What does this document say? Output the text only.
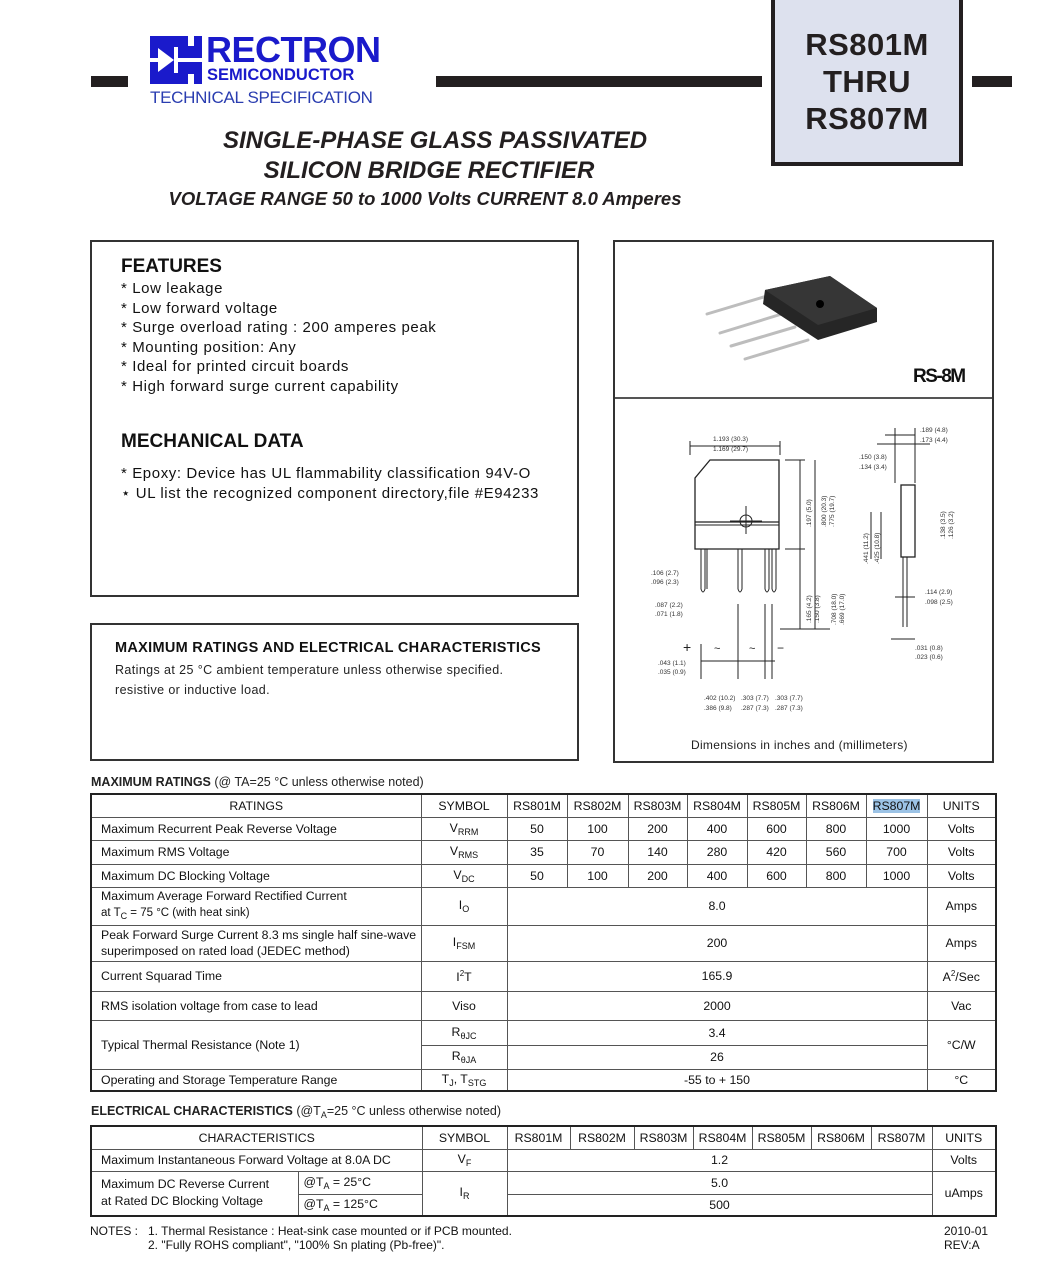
RECTRON
SEMICONDUCTOR
TECHNICAL SPECIFICATION
RS801M
THRU
RS807M
SINGLE-PHASE GLASS PASSIVATED
SILICON BRIDGE RECTIFIER
VOLTAGE RANGE 50 to 1000 Volts CURRENT 8.0 Amperes
FEATURES
* Low leakage
* Low forward voltage
* Surge overload rating : 200 amperes peak
* Mounting position: Any
* Ideal for printed circuit boards
* High forward surge current capability
MECHANICAL DATA
* Epoxy: Device has UL flammability classification 94V-O
⋆ UL list the recognized component directory,file #E94233
MAXIMUM RATINGS AND ELECTRICAL CHARACTERISTICS
Ratings at 25 °C ambient temperature unless otherwise specified.
resistive or inductive load.
RS-8M
1.193 (30.3)
1.169 (29.7)
.197 (5.0) .800 (20.3) .775 (19.7)
.106 (2.7)
.096 (2.3)
.087 (2.2)
.071 (1.8)
.043 (1.1)
.035 (0.9)
.165 (4.2) .150 (3.8) .708 (18.0) .669 (17.0)
.402 (10.2)
.386 (9.8)
.303 (7.7)
.287 (7.3)
.303 (7.7)
.287 (7.3)
.189 (4.8)
.173 (4.4)
.150 (3.8)
.134 (3.4)
.138 (3.5) .126 (3.2)
.441 (11.2) .425 (10.8)
.114 (2.9)
.098 (2.5)
.031 (0.8)
.023 (0.6)
+ ~	~ −
Dimensions in inches and (millimeters)
MAXIMUM RATINGS (@ TA=25 °C unless otherwise noted)
RATINGS	SYMBOL	RS801M	RS802M	RS803M	RS804M	RS805M	RS806M	RS807M	UNITS
Maximum Recurrent Peak Reverse Voltage	$V_{RRM}$	50	100	200	400	600	800	1000	Volts
Maximum RMS Voltage	$V_{RMS}$	35	70	140	280	420	560	700	Volts
Maximum DC Blocking Voltage	$V_{DC}$	50	100	200	400	600	800	1000	Volts

Maximum Average Forward Rectified Current
at $T_C = 75$ °C (with heat sink)	$I_O$	8.0							Amps

Peak Forward Surge Current 8.3 ms single half sine-wave
superimposed on rated load (JEDEC method)	$I_{FSM}$	200							Amps
Current Squarad Time	$I^2T$	165.9							$A^2$/Sec
RMS isolation voltage from case to lead	Viso	2000							Vac
Typical Thermal Resistance (Note 1)	$R_{\theta JC}$	3.4							°C/W
	$R_{\theta JA}$	26							
Operating and Storage Temperature Range	$T_J$, $T_{STG}$	-55 to + 150							°C
ELECTRICAL CHARACTERISTICS ($@T_A=25$ °C unless otherwise noted)
CHARACTERISTICS		SYMBOL	RS801M	RS802M	RS803M	RS804M	RS805M	RS806M	RS807M	UNITS
Maximum Instantaneous Forward Voltage at 8.0A DC		$V_F$	1.2							Volts

Maximum DC Reverse Current
at Rated DC Blocking Voltage	$@T_A = 25^\circ C$	$I_R$	5.0							uAmps
	$@T_A = 125^\circ C$		500							
NOTES : 1. Thermal Resistance : Heat-sink case mounted or if PCB mounted.
2. "Fully ROHS compliant", "100% Sn plating (Pb-free)".
2010-01
REV:A
